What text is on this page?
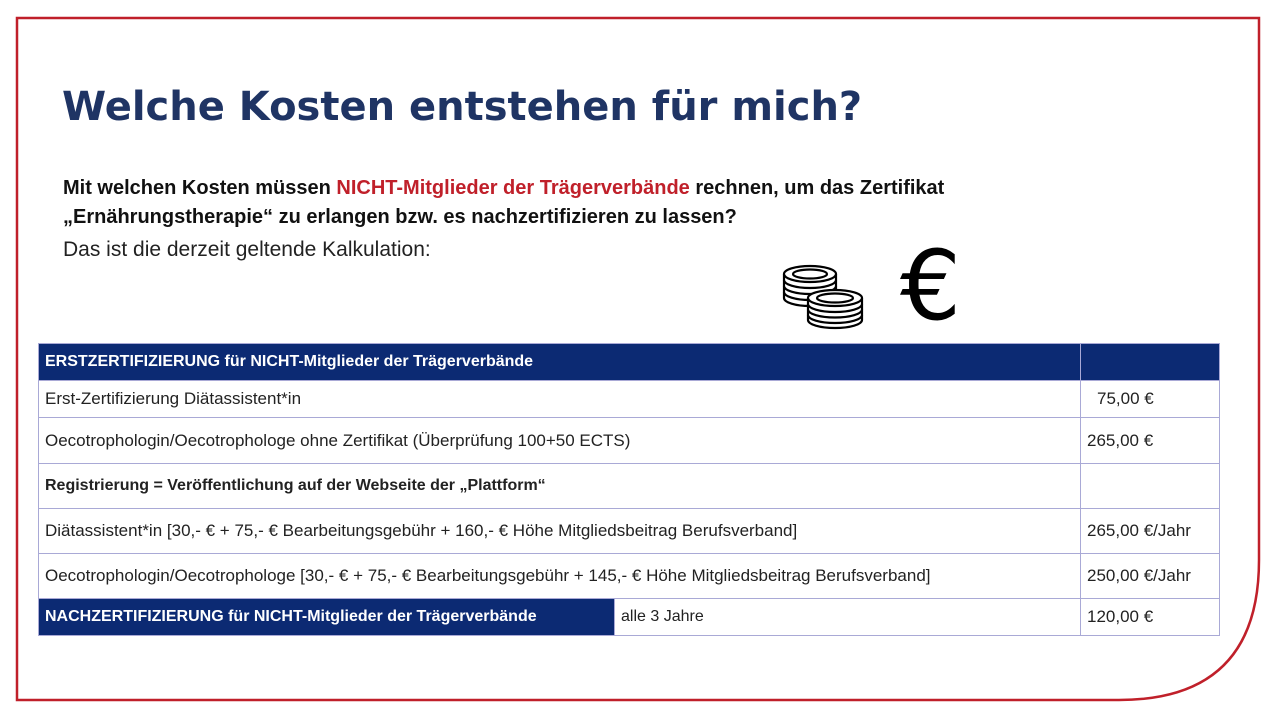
Welche Kosten entstehen für mich?
Mit welchen Kosten müssen NICHT-Mitglieder der Trägerverbände rechnen, um das Zertifikat „Ernährungstherapie“ zu erlangen bzw. es nachzertifizieren zu lassen?
Das ist die derzeit geltende Kalkulation:	€
ERSTZERTIFIZIERUNG für NICHT-Mitglieder der Trägerverbände		
Erst-Zertifizierung Diätassistent*in		75,00 €
Oecotrophologin/Oecotrophologe ohne Zertifikat (Überprüfung 100+50 ECTS)		265,00 €
Registrierung = Veröffentlichung auf der Webseite der „Plattform“		
Diätassistent*in [30,- € + 75,- € Bearbeitungsgebühr + 160,- € Höhe Mitgliedsbeitrag Berufsverband]		265,00 €/Jahr
Oecotrophologin/Oecotrophologe [30,- € + 75,- € Bearbeitungsgebühr + 145,- € Höhe Mitgliedsbeitrag Berufsverband]		250,00 €/Jahr
NACHZERTIFIZIERUNG für NICHT-Mitglieder der Trägerverbände	alle 3 Jahre	120,00 €
